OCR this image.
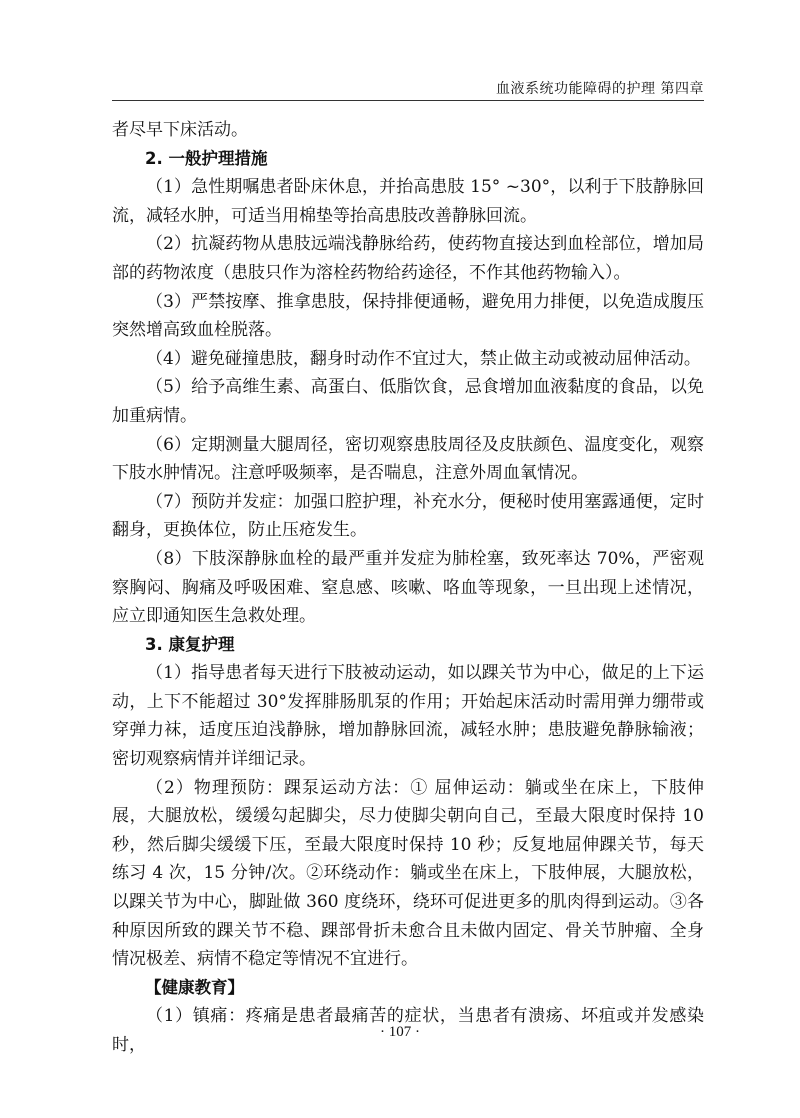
血液系统功能障碍的护理 第四章

者尽早下床活动。

2. 一般护理措施

（1）急性期嘱患者卧床休息，并抬高患肢 15° ~30°，以利于下肢静脉回流，减轻水肿，可适当用棉垫等抬高患肢改善静脉回流。

（2）抗凝药物从患肢远端浅静脉给药，使药物直接达到血栓部位，增加局部的药物浓度（患肢只作为溶栓药物给药途径，不作其他药物输入）。

（3）严禁按摩、推拿患肢，保持排便通畅，避免用力排便，以免造成腹压突然增高致血栓脱落。

（4）避免碰撞患肢，翻身时动作不宜过大，禁止做主动或被动屈伸活动。

（5）给予高维生素、高蛋白、低脂饮食，忌食增加血液黏度的食品，以免加重病情。

（6）定期测量大腿周径，密切观察患肢周径及皮肤颜色、温度变化，观察下肢水肿情况。注意呼吸频率，是否喘息，注意外周血氧情况。

（7）预防并发症：加强口腔护理，补充水分，便秘时使用塞露通便，定时翻身，更换体位，防止压疮发生。

（8）下肢深静脉血栓的最严重并发症为肺栓塞，致死率达 70%，严密观察胸闷、胸痛及呼吸困难、窒息感、咳嗽、咯血等现象，一旦出现上述情况，应立即通知医生急救处理。

3. 康复护理

（1）指导患者每天进行下肢被动运动，如以踝关节为中心，做足的上下运动，上下不能超过 30°发挥腓肠肌泵的作用；开始起床活动时需用弹力绷带或穿弹力袜，适度压迫浅静脉，增加静脉回流，减轻水肿；患肢避免静脉输液；密切观察病情并详细记录。

（2）物理预防：踝泵运动方法：① 屈伸运动：躺或坐在床上，下肢伸展，大腿放松，缓缓勾起脚尖，尽力使脚尖朝向自己，至最大限度时保持 10 秒，然后脚尖缓缓下压，至最大限度时保持 10 秒；反复地屈伸踝关节，每天练习 4 次，15 分钟/次。②环绕动作：躺或坐在床上，下肢伸展，大腿放松，以踝关节为中心，脚趾做 360 度绕环，绕环可促进更多的肌肉得到运动。③各种原因所致的踝关节不稳、踝部骨折未愈合且未做内固定、骨关节肿瘤、全身情况极差、病情不稳定等情况不宜进行。

【健康教育】

（1）镇痛：疼痛是患者最痛苦的症状，当患者有溃疡、坏疽或并发感染时，

· 107 ·
